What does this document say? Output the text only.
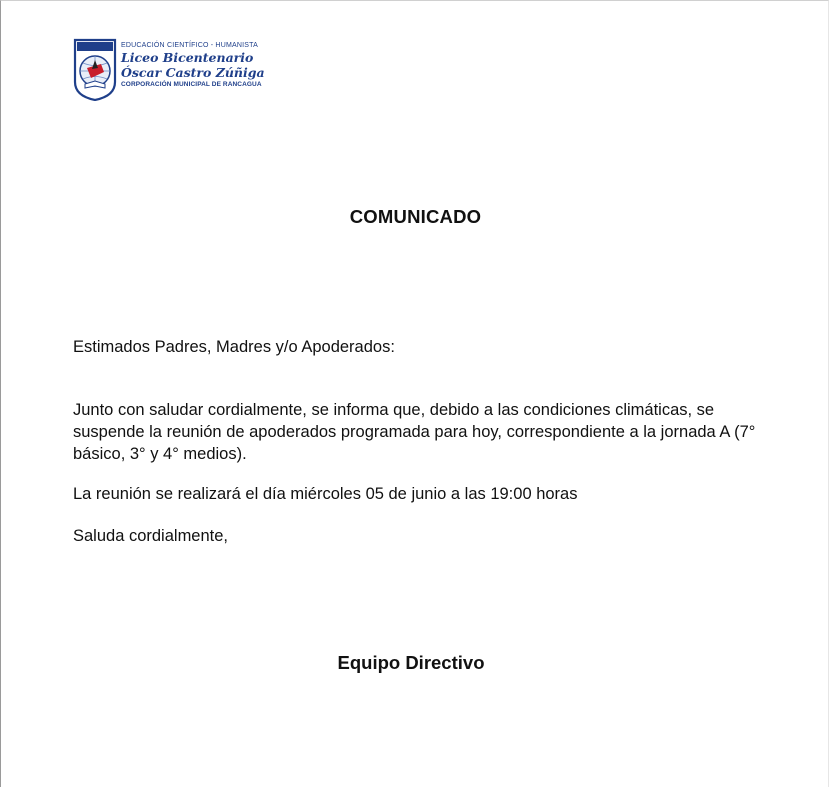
EDUCACIÓN CIENTÍFICO - HUMANISTA
Liceo Bicentenario
Óscar Castro Zúñiga
CORPORACIÓN MUNICIPAL DE RANCAGUA
COMUNICADO
Estimados Padres, Madres y/o Apoderados:
Junto con saludar cordialmente, se informa que, debido a las condiciones climáticas, se suspende la reunión de apoderados programada para hoy, correspondiente a la jornada A (7° básico, 3° y 4° medios).
La reunión se realizará el día miércoles 05 de junio a las 19:00 horas
Saluda cordialmente,
Equipo Directivo
